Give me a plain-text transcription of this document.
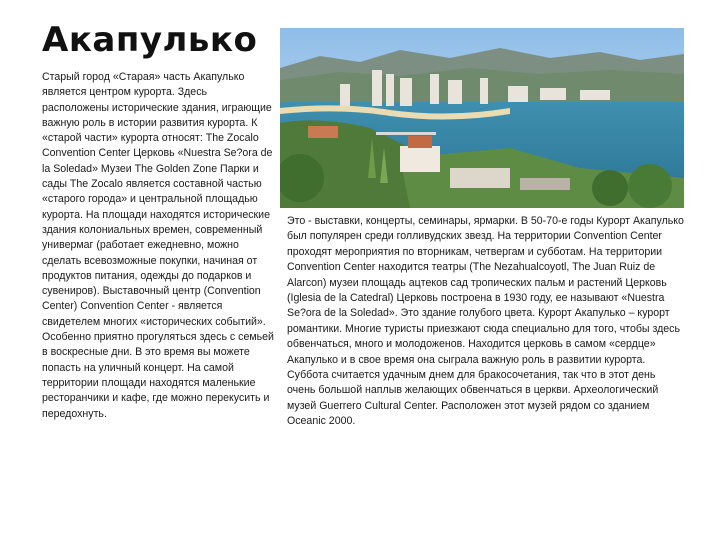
Акапулько
Старый город «Старая» часть Акапулько является центром курорта. Здесь расположены исторические здания, играющие важную роль в истории развития курорта. К «старой части» курорта относят: The Zocalo Convention Center Церковь «Nuestra Se?ora de la Soledad» Музеи The Golden Zone Парки и сады The Zocalo является составной частью «старого города» и центральной площадью курорта. На площади находятся исторические здания колониальных времен, современный универмаг (работает ежедневно, можно сделать всевозможные покупки, начиная от продуктов питания, одежды до подарков и сувениров). Выставочный центр (Convention Center) Convention Center - является свидетелем многих «исторических событий». Особенно приятно прогуляться здесь с семьей в воскресные дни. В это время вы можете попасть на уличный концерт. На самой территории площади находятся маленькие ресторанчики и кафе, где можно перекусить и передохнуть.
Это - выставки, концерты, семинары, ярмарки. В 50-70-е годы Курорт Акапулько был популярен среди голливудских звезд. На территории Convention Center проходят мероприятия по вторникам, четвергам и субботам. На территории Convention Center находится театры (The Nezahualcoyotl, The Juan Ruiz de Alarcon) музеи площадь ацтеков сад тропических пальм и растений Церковь (Iglesia de la Catedral) Церковь построена в 1930 году, ее называют «Nuestra Se?ora de la Soledad». Это здание голубого цвета. Курорт Акапулько – курорт романтики. Многие туристы приезжают сюда специально для того, чтобы здесь обвенчаться, много и молодоженов. Находится церковь в самом «сердце» Акапулько и в свое время она сыграла важную роль в развитии курорта. Суббота считается удачным днем для бракосочетания, так что в этот день очень большой наплыв желающих обвенчаться в церкви. Археологический музей Guerrero Cultural Center. Расположен этот музей рядом со зданием Oceanic 2000.
